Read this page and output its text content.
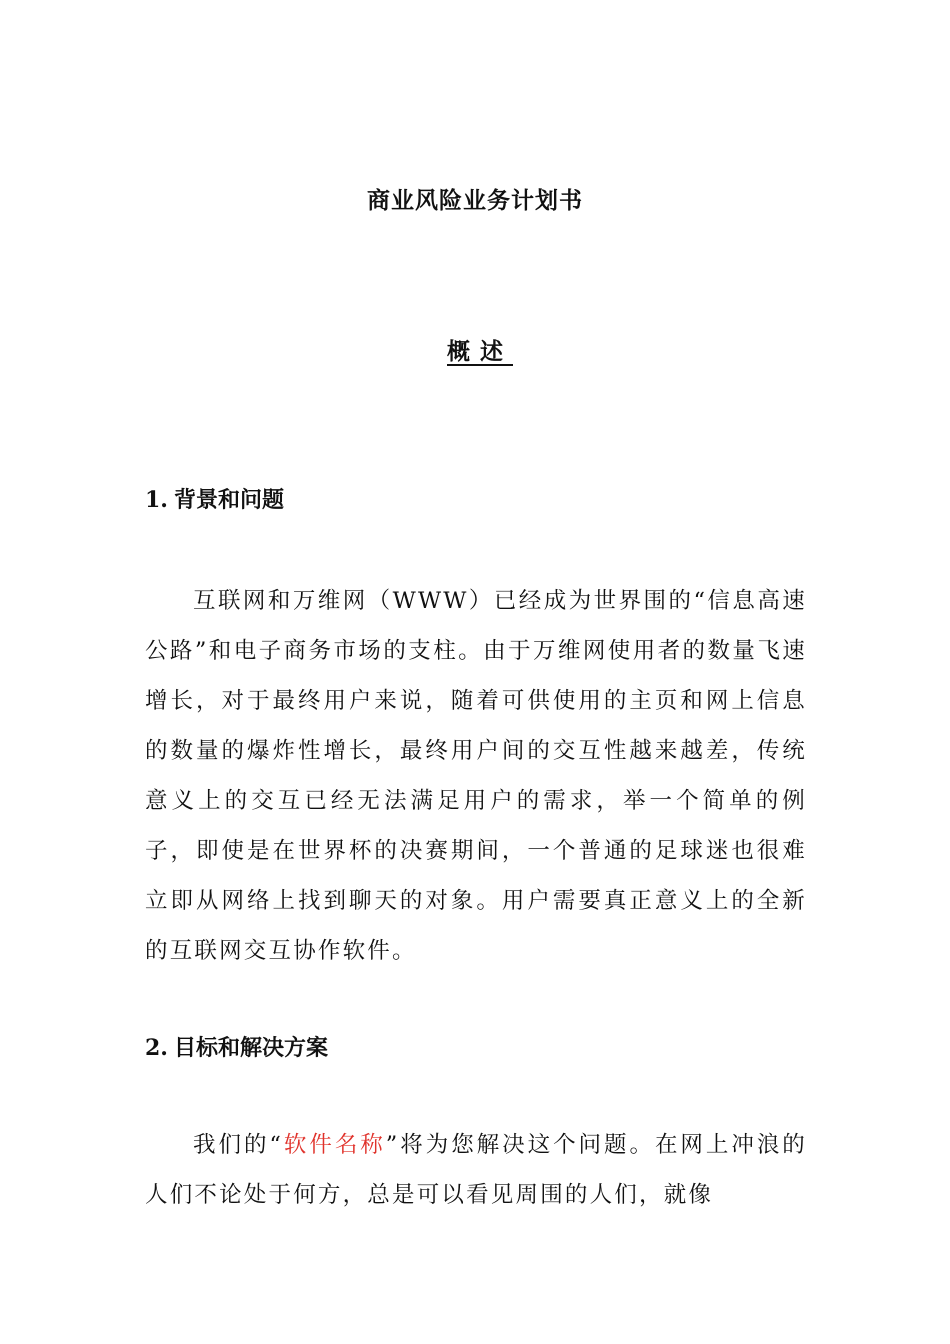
商业风险业务计划书
概述
1. 背景和问题

互联网和万维网（WWW）已经成为世界围的“信息高速公路”和电子商务市场的支柱。由于万维网使用者的数量飞速增长，对于最终用户来说，随着可供使用的主页和网上信息的数量的爆炸性增长，最终用户间的交互性越来越差，传统意义上的交互已经无法满足用户的需求，举一个简单的例子，即使是在世界杯的决赛期间，一个普通的足球迷也很难立即从网络上找到聊天的对象。用户需要真正意义上的全新的互联网交互协作软件。

2. 目标和解决方案

我们的“软件名称”将为您解决这个问题。在网上冲浪的人们不论处于何方，总是可以看见周围的人们，就像
